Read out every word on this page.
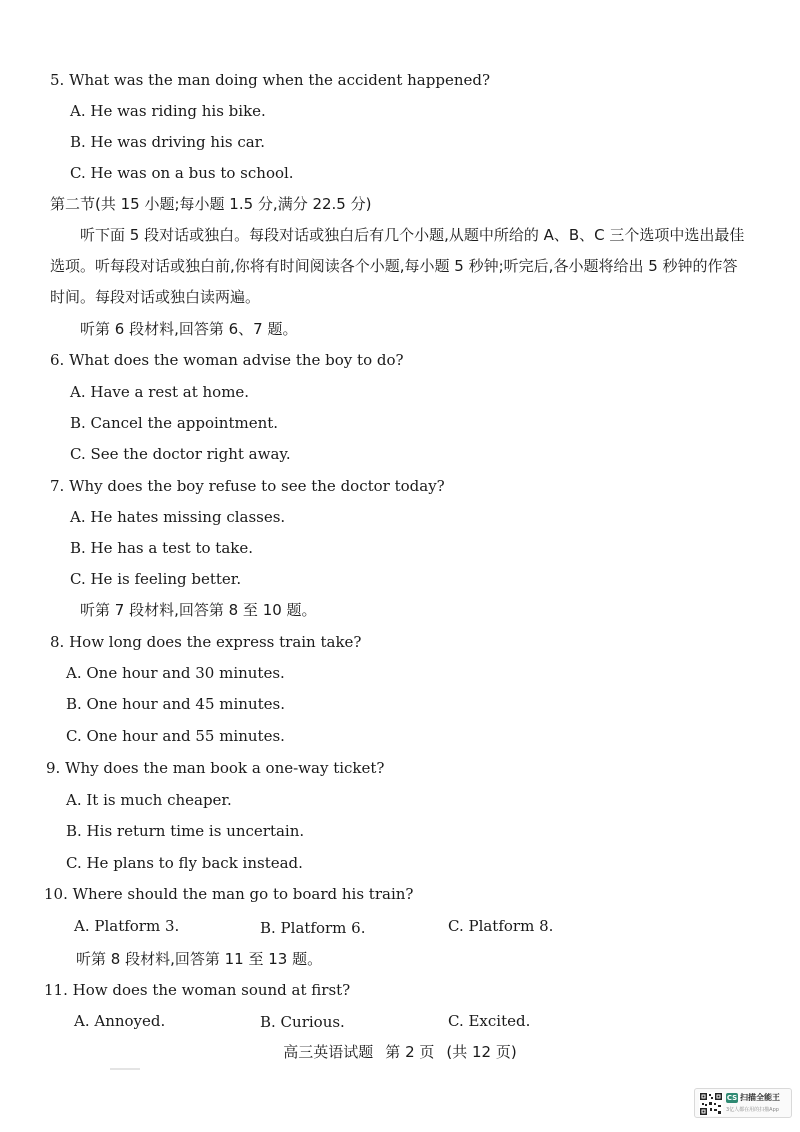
5. What was the man doing when the accident happened?
A. He was riding his bike.
B. He was driving his car.
C. He was on a bus to school.
第二节(共 15 小题;每小题 1.5 分,满分 22.5 分)
听下面 5 段对话或独白。每段对话或独白后有几个小题,从题中所给的 A、B、C 三个选项中选出最佳选项。听每段对话或独白前,你将有时间阅读各个小题,每小题 5 秒钟;听完后,各小题将给出 5 秒钟的作答时间。每段对话或独白读两遍。
听第 6 段材料,回答第 6、7 题。
6. What does the woman advise the boy to do?
A. Have a rest at home.
B. Cancel the appointment.
C. See the doctor right away.
7. Why does the boy refuse to see the doctor today?
A. He hates missing classes.
B. He has a test to take.
C. He is feeling better.
听第 7 段材料,回答第 8 至 10 题。
8. How long does the express train take?
A. One hour and 30 minutes.
B. One hour and 45 minutes.
C. One hour and 55 minutes.
9. Why does the man book a one-way ticket?
A. It is much cheaper.
B. His return time is uncertain.
C. He plans to fly back instead.
10. Where should the man go to board his train?
A. Platform 3.	B. Platform 6.	C. Platform 8.
听第 8 段材料,回答第 11 至 13 题。
11. How does the woman sound at first?
A. Annoyed.	B. Curious.	C. Excited.
高三英语试题 第 2 页 (共 12 页)
CS 扫描全能王
3亿人都在用的扫描App
